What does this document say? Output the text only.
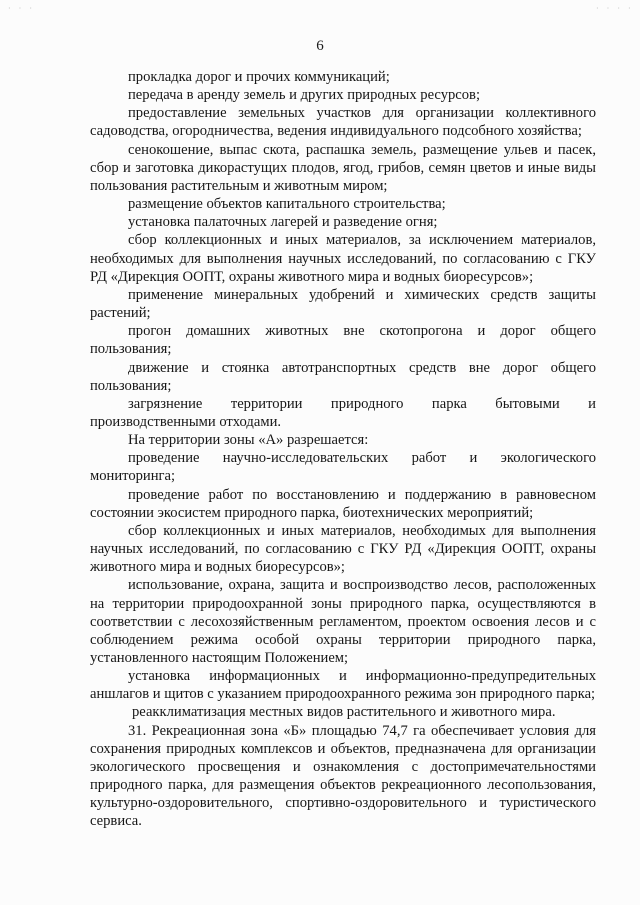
· · ·	· · · ·
6

прокладка дорог и прочих коммуникаций;

передача в аренду земель и других природных ресурсов;

предоставление земельных участков для организации коллективного садоводства, огородничества, ведения индивидуального подсобного хозяйства;

сенокошение, выпас скота, распашка земель, размещение ульев и пасек, сбор и заготовка дикорастущих плодов, ягод, грибов, семян цветов и иные виды пользования растительным и животным миром;

размещение объектов капитального строительства;

установка палаточных лагерей и разведение огня;

сбор коллекционных и иных материалов, за исключением материалов, необходимых для выполнения научных исследований, по согласованию с ГКУ РД «Дирекция ООПТ, охраны животного мира и водных биоресурсов»;

применение минеральных удобрений и химических средств защиты растений;

прогон домашних животных вне скотопрогона и дорог общего пользования;

движение и стоянка автотранспортных средств вне дорог общего пользования;

загрязнение территории природного парка бытовыми и производственными отходами.

На территории зоны «А» разрешается:

проведение научно-исследовательских работ и экологического мониторинга;

проведение работ по восстановлению и поддержанию в равновесном состоянии экосистем природного парка, биотехнических мероприятий;

сбор коллекционных и иных материалов, необходимых для выполнения научных исследований, по согласованию с ГКУ РД «Дирекция ООПТ, охраны животного мира и водных биоресурсов»;

использование, охрана, защита и воспроизводство лесов, расположенных на территории природоохранной зоны природного парка, осуществляются в соответствии с лесохозяйственным регламентом, проектом освоения лесов и с соблюдением режима особой охраны территории природного парка, установленного настоящим Положением;

установка информационных и информационно-предупредительных аншлагов и щитов с указанием природоохранного режима зон природного парка;

реакклиматизация местных видов растительного и животного мира.

31. Рекреационная зона «Б» площадью 74,7 га обеспечивает условия для сохранения природных комплексов и объектов, предназначена для организации экологического просвещения и ознакомления с достопримечательностями природного парка, для размещения объектов рекреационного лесопользования, культурно-оздоровительного, спортивно-оздоровительного и туристического сервиса.
